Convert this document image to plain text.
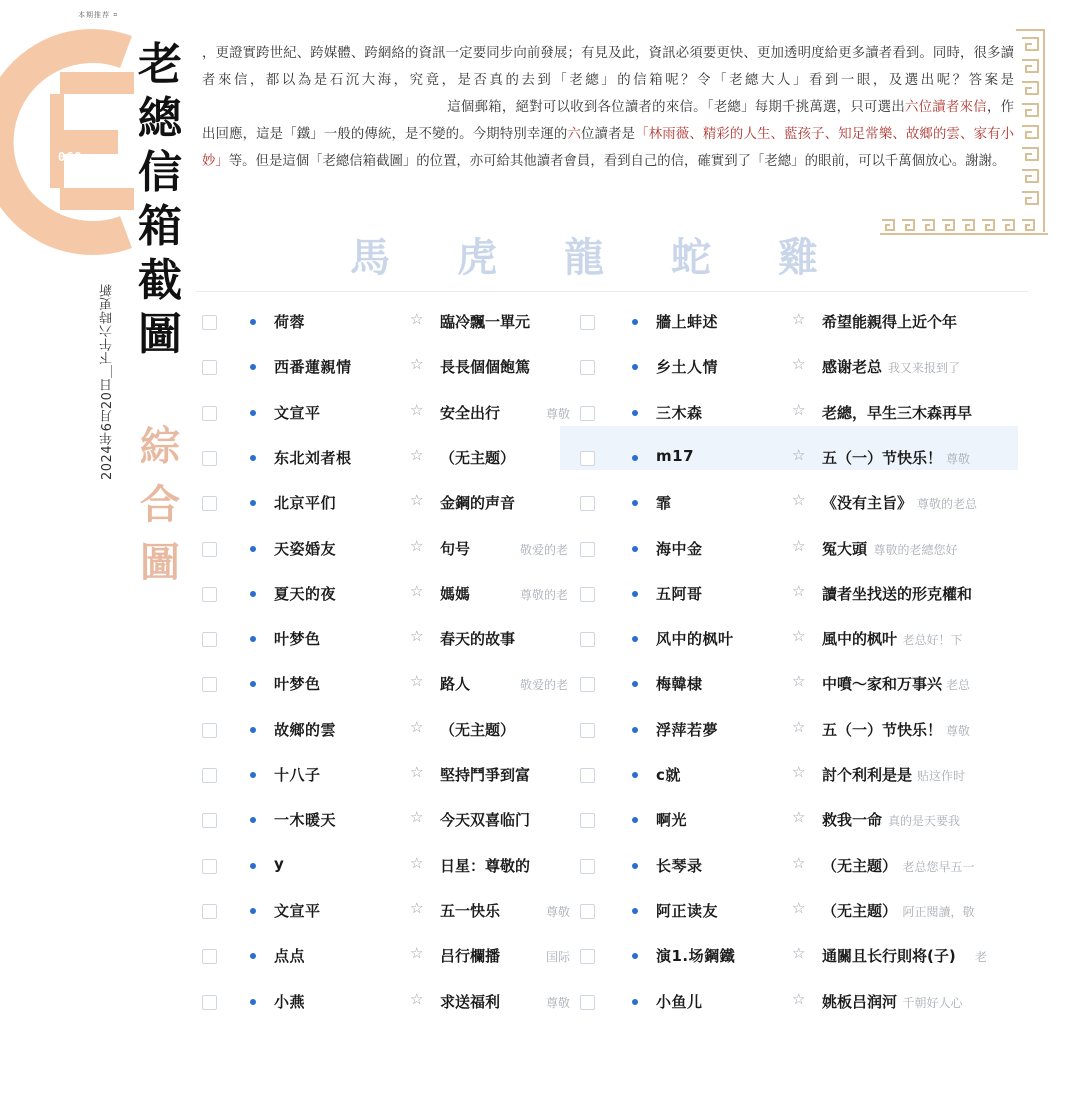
本期推荐 ⌗
069
老
總
信
箱
截
圖
綜
合
圖
2024年6月20日＿下午六時更新
，更證實跨世紀、跨媒體、跨網絡的資訊一定要同步向前發展；有見及此，資訊必須要更快、更加透明度給更多讀者看到。同時，很多讀者來信，都以為是石沉大海，究竟，是否真的去到「老總」的信箱呢？令「老總大人」看到一眼，及選出呢？答案是這個郵箱，絕對可以收到各位讀者的來信。「老總」每期千挑萬選，只可選出六位讀者來信，作出回應，這是「鐵」一般的傳統，是不變的。今期特別幸運的六位讀者是「林雨薇、精彩的人生、藍孩子、知足常樂、故鄉的雲、家有小妙」等。但是這個「老總信箱截圖」的位置，亦可給其他讀者會員，看到自己的信，確實到了「老總」的眼前，可以千萬個放心。謝謝。
馬 虎 龍 蛇 雞
荷蓉	☆ 臨冷飄一單元	牆上蚌述	☆ 希望能親得上近个年
西番蓮親情	☆ 長長個個飽篤	乡土人情	☆ 感谢老总 我又来报到了
文宣平	☆ 安全出行	尊敬	三木森	☆ 老總，早生三木森再早
东北刘者根	☆ （无主题）	m17	☆ 五（一）节快乐！ 尊敬
北京平们	☆ 金鋼的声音	霏	☆ 《没有主旨》 尊敬的老总
天姿婚友	☆ 句号	敬爱的老	海中金	☆ 冤大頭 尊敬的老總您好
夏天的夜	☆ 媽媽	尊敬的老	五阿哥	☆ 讀者坐找送的形克權和
叶梦色	☆ 春天的故事	风中的枫叶	☆ 風中的枫叶 老总好！下
叶梦色	☆ 路人	敬爱的老	梅韓棣	☆ 中噴～家和万事兴 老总
故鄉的雲	☆ （无主题）	浮萍若夢	☆ 五（一）节快乐！ 尊敬
十八子	☆ 堅持鬥爭到富	c就	☆ 討个利利是是 贴这作时
一木暖天	☆ 今天双喜临门	啊光	☆ 救我一命 真的是天要我
y	☆ 日星：尊敬的	长琴录	☆ （无主题） 老总您早五一
文宣平	☆ 五一快乐	尊敬	阿正读友	☆ （无主题） 阿正閱讀，敬
点点	☆ 吕行欄播	国际	演1.场鋼鐵	☆ 通關且长行則将(子) 老
小燕	☆ 求送福利	尊敬	小鱼儿	☆ 姚板吕润河 千朝好人心
